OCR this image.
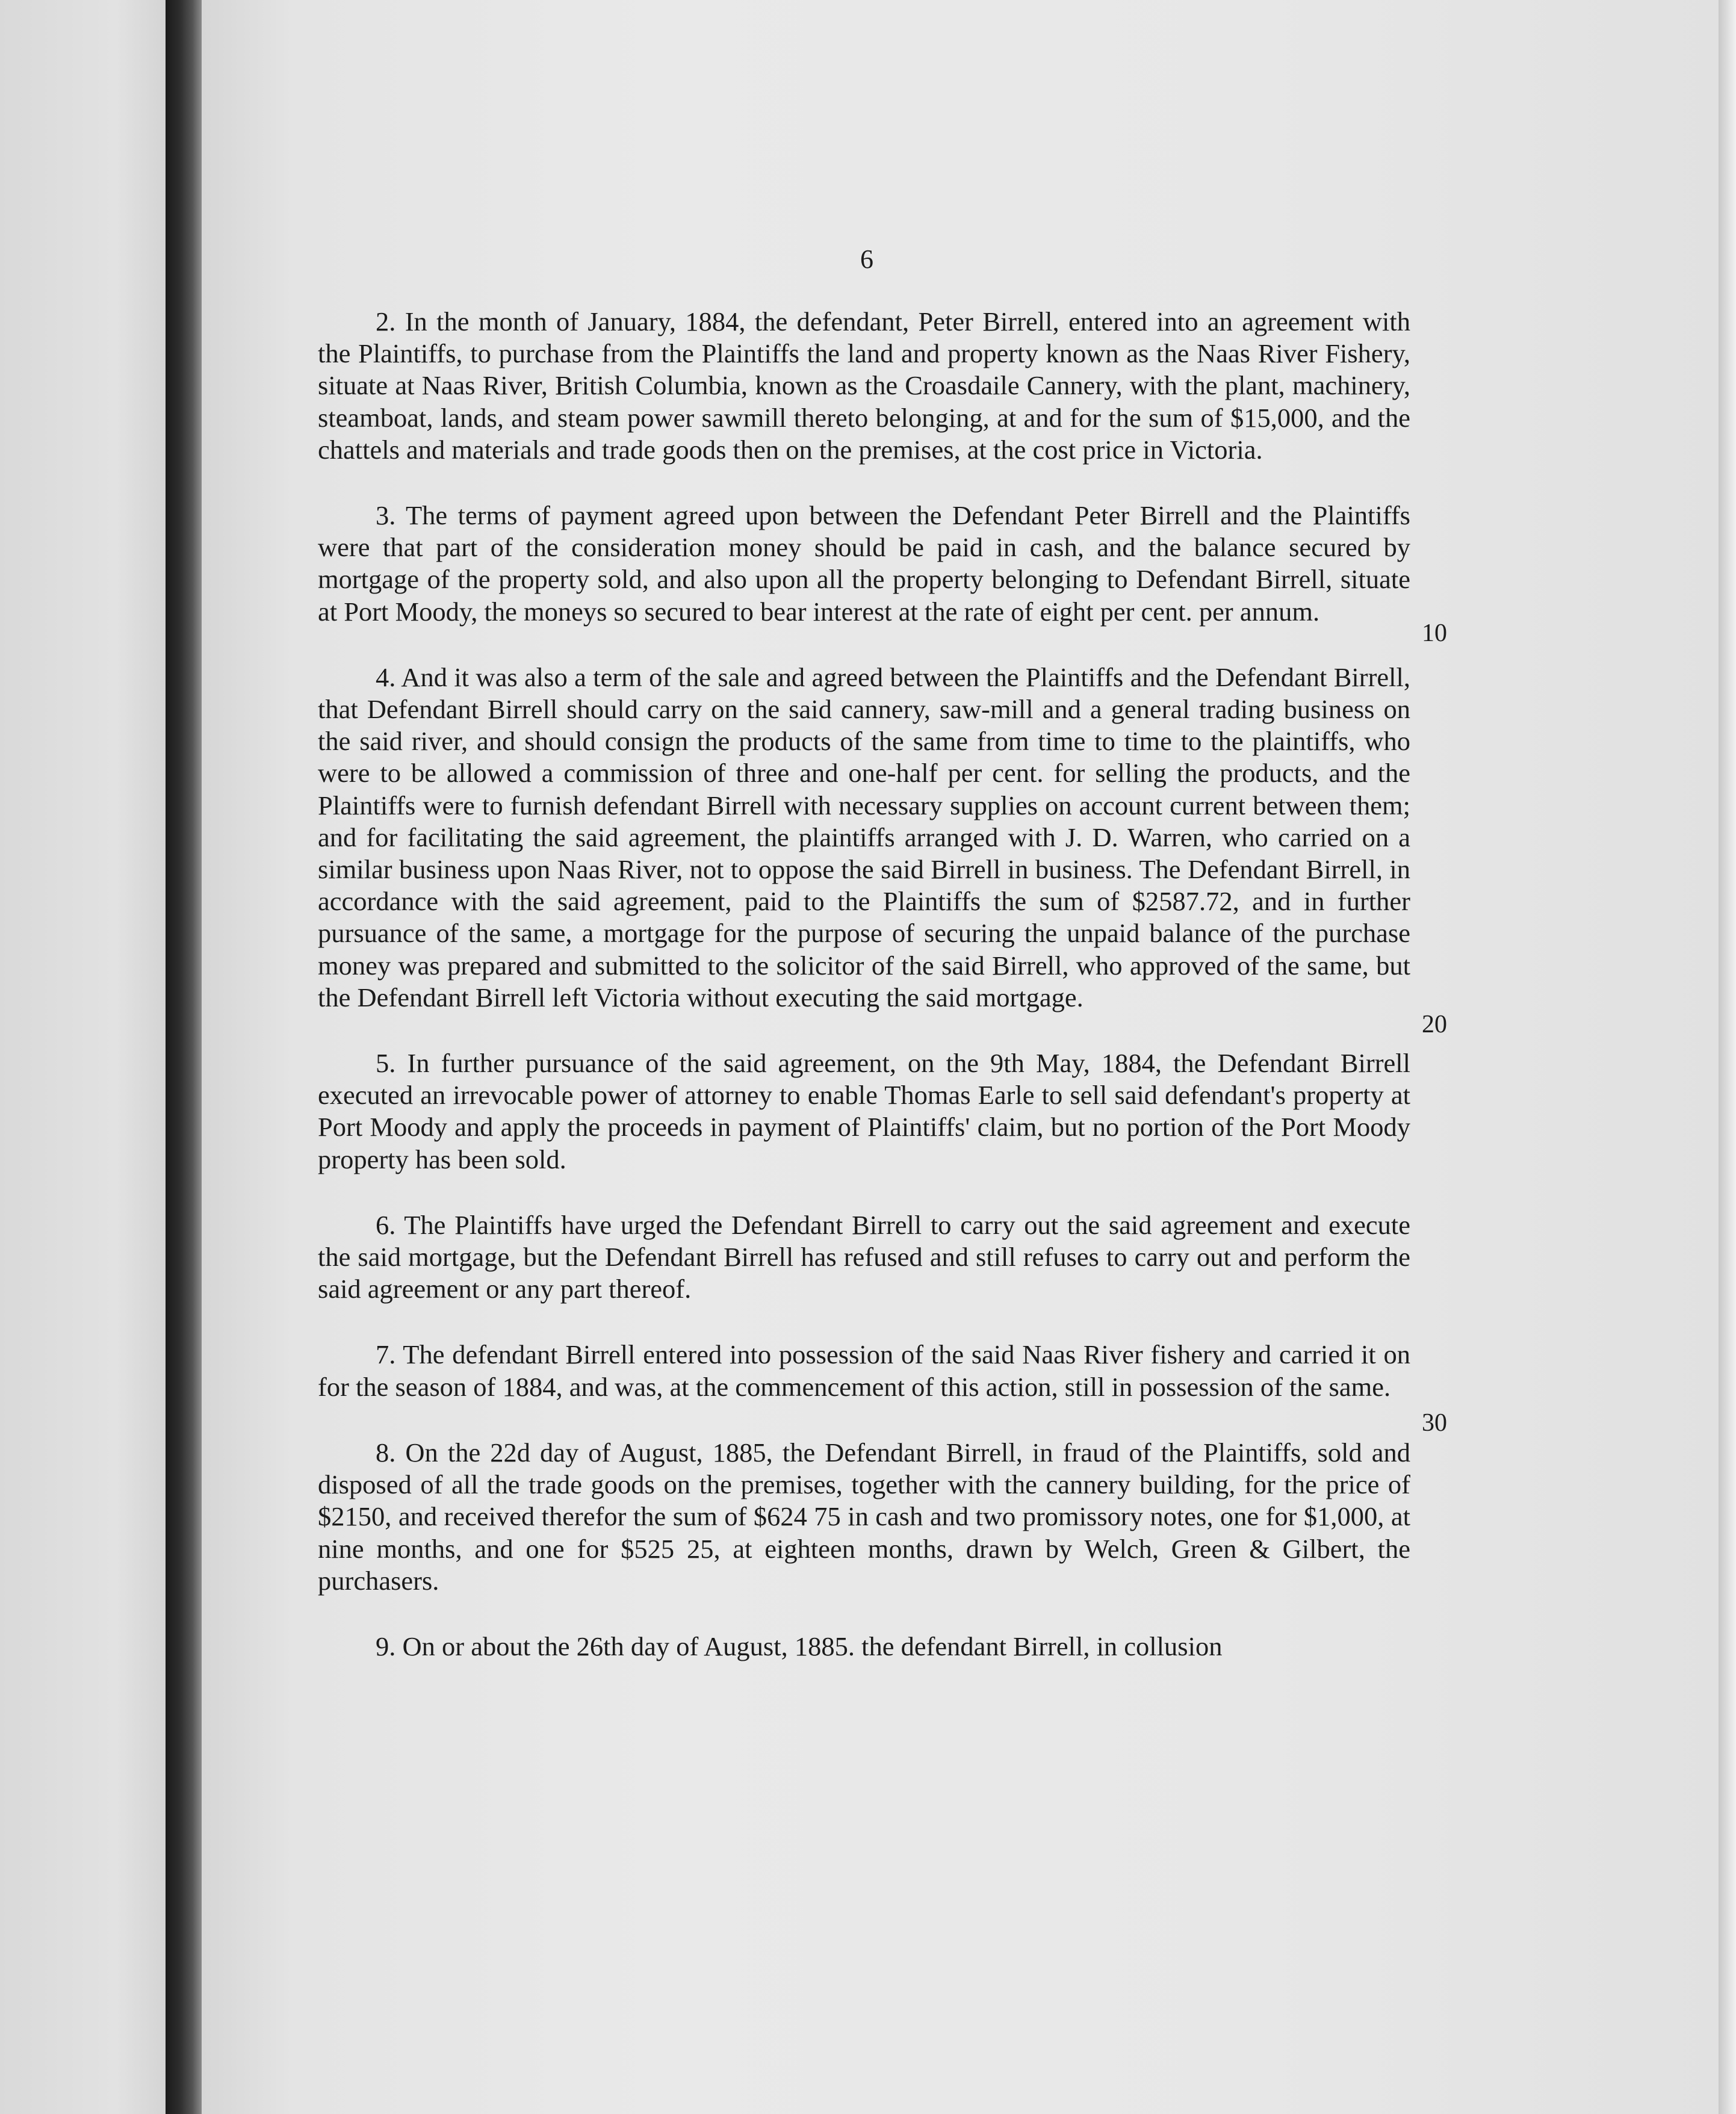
6

2. In the month of January, 1884, the defendant, Peter Birrell, entered into an agreement with the Plaintiffs, to purchase from the Plaintiffs the land and property known as the Naas River Fishery, situate at Naas River, British Columbia, known as the Croasdaile Cannery, with the plant, machinery, steamboat, lands, and steam power sawmill thereto belonging, at and for the sum of $15,000, and the chattels and materials and trade goods then on the premises, at the cost price in Victoria.

3. The terms of payment agreed upon between the Defendant Peter Birrell and the Plaintiffs were that part of the consideration money should be paid in cash, and the balance secured by mortgage of the property sold, and also upon all the property belonging to Defendant Birrell, situate at Port Moody, the moneys so secured to bear interest at the rate of eight per cent. per annum.

4. And it was also a term of the sale and agreed between the Plaintiffs and the Defendant Birrell, that Defendant Birrell should carry on the said cannery, saw-mill and a general trading business on the said river, and should consign the products of the same from time to time to the plaintiffs, who were to be allowed a commission of three and one-half per cent. for selling the products, and the Plaintiffs were to furnish defendant Birrell with necessary supplies on account current between them; and for facilitating the said agreement, the plaintiffs arranged with J. D. Warren, who carried on a similar business upon Naas River, not to oppose the said Birrell in business. The Defendant Birrell, in accordance with the said agreement, paid to the Plaintiffs the sum of $2587.72, and in further pursuance of the same, a mortgage for the purpose of securing the unpaid balance of the purchase money was prepared and submitted to the solicitor of the said Birrell, who approved of the same, but the Defendant Birrell left Victoria without executing the said mortgage.

5. In further pursuance of the said agreement, on the 9th May, 1884, the Defendant Birrell executed an irrevocable power of attorney to enable Thomas Earle to sell said defendant's property at Port Moody and apply the proceeds in payment of Plaintiffs' claim, but no portion of the Port Moody property has been sold.

6. The Plaintiffs have urged the Defendant Birrell to carry out the said agreement and execute the said mortgage, but the Defendant Birrell has refused and still refuses to carry out and perform the said agreement or any part thereof.

7. The defendant Birrell entered into possession of the said Naas River fishery and carried it on for the season of 1884, and was, at the commencement of this action, still in possession of the same.

8. On the 22d day of August, 1885, the Defendant Birrell, in fraud of the Plaintiffs, sold and disposed of all the trade goods on the premises, together with the cannery building, for the price of $2150, and received therefor the sum of $624 75 in cash and two promissory notes, one for $1,000, at nine months, and one for $525 25, at eighteen months, drawn by Welch, Green & Gilbert, the purchasers.

9. On or about the 26th day of August, 1885. the defendant Birrell, in collusion

10
20
30
